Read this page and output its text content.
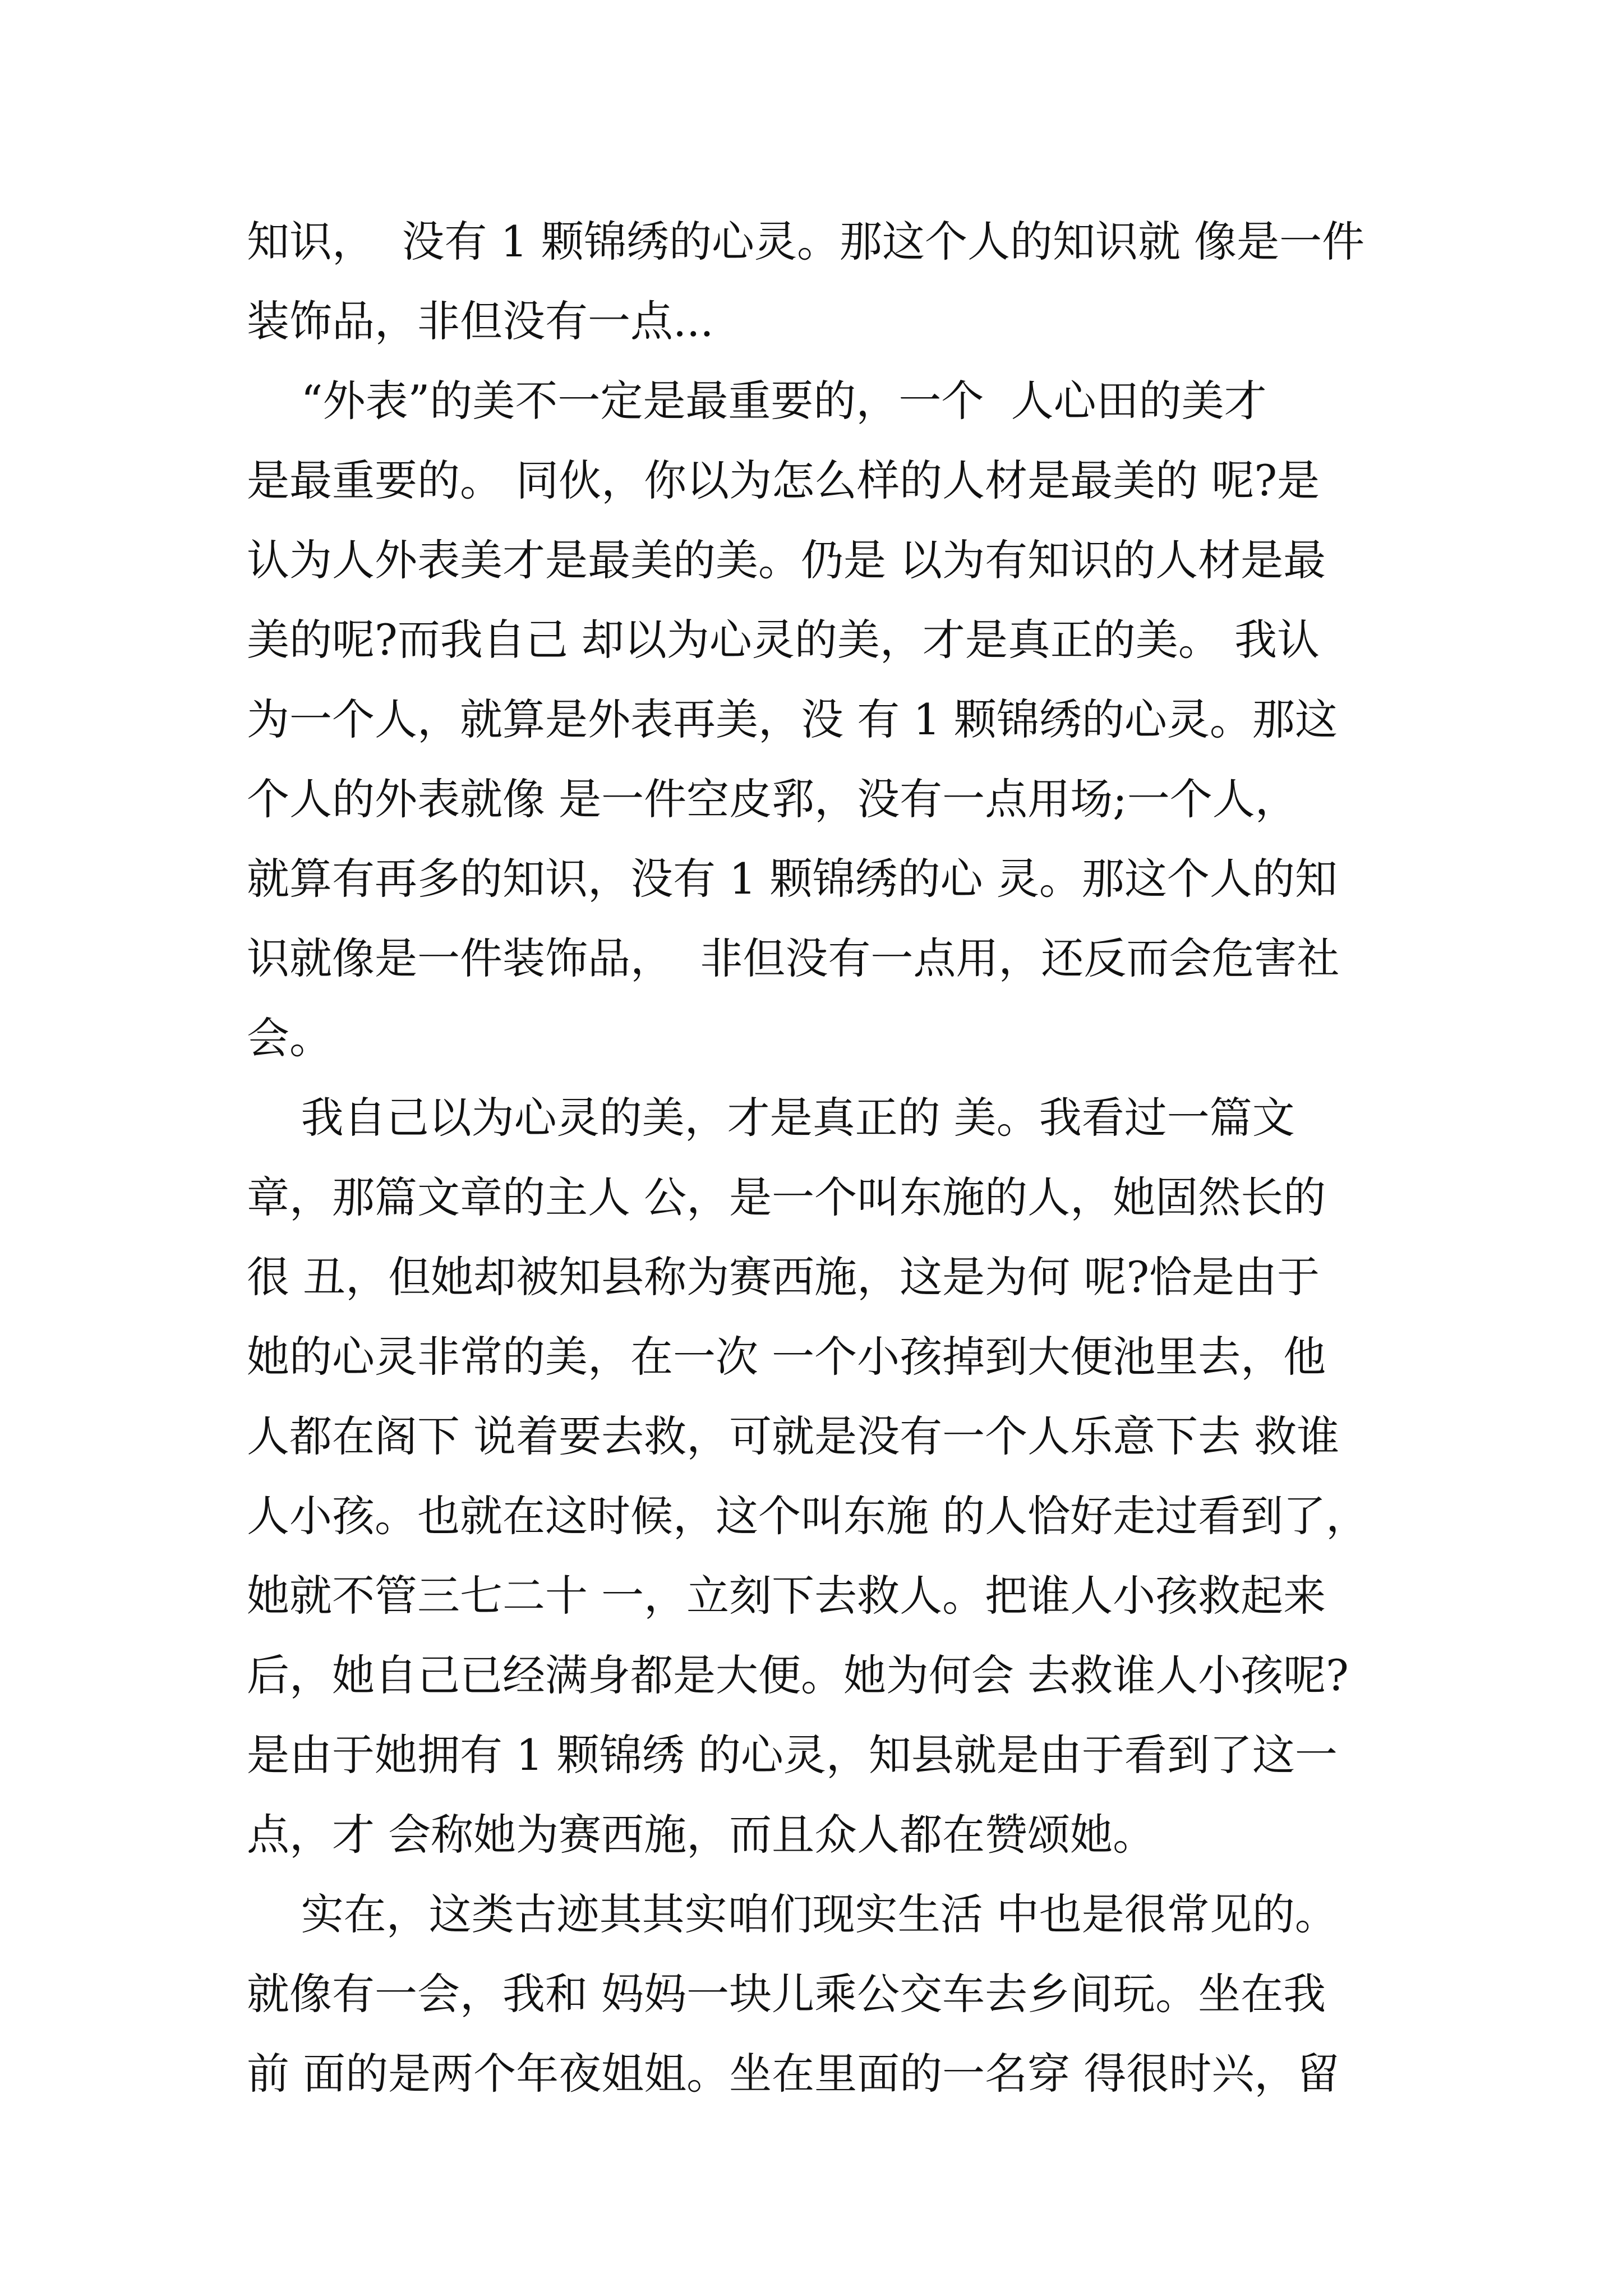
知识，  没有 1 颗锦绣的心灵。那这个人的知识就 像是一件
装饰品，非但没有一点...
“外表”的美不一定是最重要的，一个  人心田的美才
是最重要的。 同伙，你以为怎么样的人材是最美的 呢?是
认为人外表美才是最美的美。仍是 以为有知识的人材是最
美的呢?而我自己 却以为心灵的美，才是真正的美。 我认
为一个人，就算是外表再美，没 有 1 颗锦绣的心灵。那这
个人的外表就像 是一件空皮郛，没有一点用场;一个人，
就算有再多的知识，没有 1 颗锦绣的心 灵。那这个人的知
识就像是一件装饰品，  非但没有一点用，还反而会危害社
会。
我自己以为心灵的美，才是真正的 美。我看过一篇文
章，那篇文章的主人 公，是一个叫东施的人，她固然长的
很 丑，但她却被知县称为赛西施，这是为何 呢?恰是由于
她的心灵非常的美，在一次 一个小孩掉到大便池里去，他
人都在阁下 说着要去救，可就是没有一个人乐意下去 救谁
人小孩。也就在这时候，这个叫东施 的人恰好走过看到了，
她就不管三七二十 一，立刻下去救人。把谁人小孩救起来
后，她自己已经满身都是大便。她为何会 去救谁人小孩呢?
是由于她拥有 1 颗锦绣 的心灵，知县就是由于看到了这一
点，才 会称她为赛西施，而且众人都在赞颂她。
实在，这类古迹其其实咱们现实生活 中也是很常见的。
就像有一会，我和 妈妈一块儿乘公交车去乡间玩。坐在我
前 面的是两个年夜姐姐。坐在里面的一名穿 得很时兴，留
